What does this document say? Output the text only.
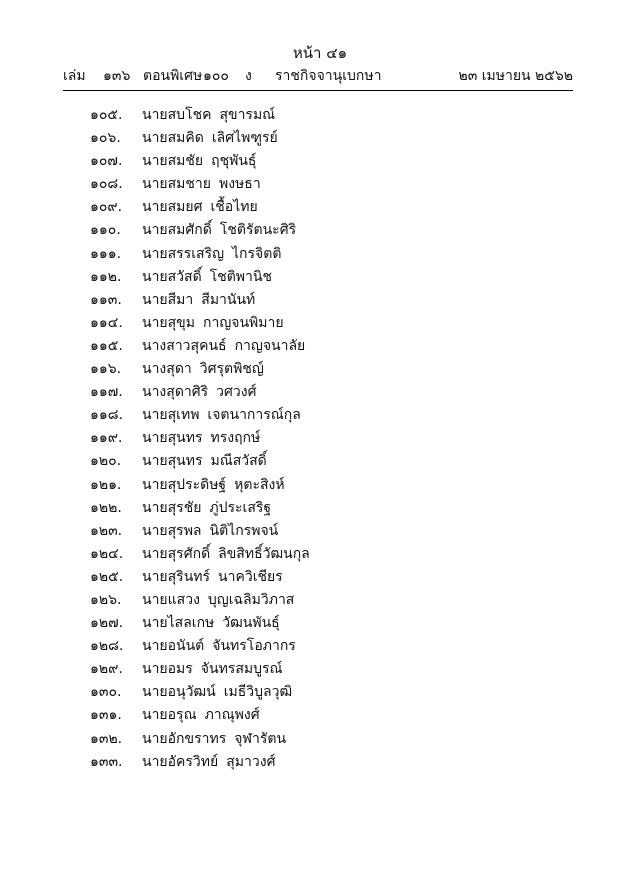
หน้า ๔๑
เล่ม ๑๓๖ ตอนพิเศษ ๑๐๐ ง ราชกิจจานุเบกษา	๒๓ เมษายน ๒๕๖๒
๑๐๕. นายสบโชค สุขารมณ์
๑๐๖. นายสมคิด เลิศไพฑูรย์
๑๐๗. นายสมชัย ฤชุพันธุ์
๑๐๘. นายสมชาย พงษธา
๑๐๙. นายสมยศ เชื้อไทย
๑๑๐. นายสมศักดิ์ โชติรัตนะศิริ
๑๑๑. นายสรรเสริญ ไกรจิตติ
๑๑๒. นายสวัสดิ์ โชติพานิช
๑๑๓. นายสีมา สีมานันท์
๑๑๔. นายสุขุม กาญจนพิมาย
๑๑๕. นางสาวสุคนธ์ กาญจนาลัย
๑๑๖. นางสุดา วิศรุตพิชญ์
๑๑๗. นางสุดาศิริ วศวงศ์
๑๑๘. นายสุเทพ เจตนาการณ์กุล
๑๑๙. นายสุนทร ทรงฤกษ์
๑๒๐. นายสุนทร มณีสวัสดิ์
๑๒๑. นายสุประดิษฐ์ หุตะสิงห์
๑๒๒. นายสุรชัย ภู่ประเสริฐ
๑๒๓. นายสุรพล นิติไกรพจน์
๑๒๔. นายสุรศักดิ์ ลิขสิทธิ์วัฒนกุล
๑๒๕. นายสุรินทร์ นาควิเชียร
๑๒๖. นายแสวง บุญเฉลิมวิภาส
๑๒๗. นายไสลเกษ วัฒนพันธุ์
๑๒๘. นายอนันต์ จันทรโอภากร
๑๒๙. นายอมร จันทรสมบูรณ์
๑๓๐. นายอนุวัฒน์ เมธีวิบูลวุฒิ
๑๓๑. นายอรุณ ภาณุพงศ์
๑๓๒. นายอักขราทร จุฬารัตน
๑๓๓. นายอัครวิทย์ สุมาวงศ์
